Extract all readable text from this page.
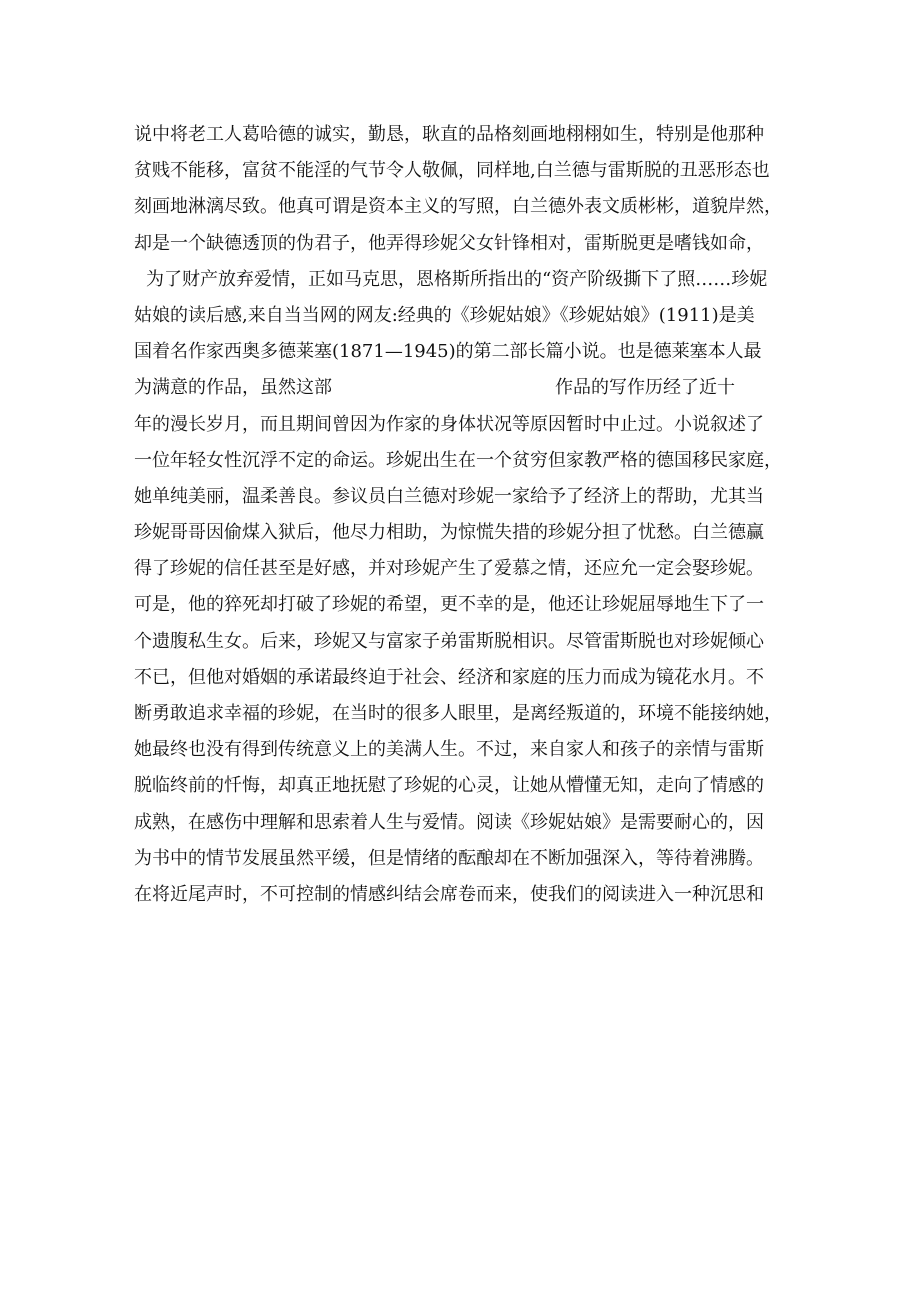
说中将老工人葛哈德的诚实，勤恳，耿直的品格刻画地栩栩如生，特别是他那种
贫贱不能移，富贫不能淫的气节令人敬佩，同样地,白兰德与雷斯脱的丑恶形态也
刻画地淋漓尽致。他真可谓是资本主义的写照，白兰德外表文质彬彬，道貌岸然，
却是一个缺德透顶的伪君子，他弄得珍妮父女针锋相对，雷斯脱更是嗜钱如命，
为了财产放弃爱情，正如马克思，恩格斯所指出的“资产阶级撕下了照……珍妮
姑娘的读后感,来自当当网的网友:经典的《珍妮姑娘》《珍妮姑娘》(1911)是美
国着名作家西奥多德莱塞(1871—1945)的第二部长篇小说。也是德莱塞本人最
为满意的作品，虽然这部	作品的写作历经了近十
年的漫长岁月，而且期间曾因为作家的身体状况等原因暂时中止过。小说叙述了
一位年轻女性沉浮不定的命运。珍妮出生在一个贫穷但家教严格的德国移民家庭，
她单纯美丽，温柔善良。参议员白兰德对珍妮一家给予了经济上的帮助，尤其当
珍妮哥哥因偷煤入狱后，他尽力相助，为惊慌失措的珍妮分担了忧愁。白兰德赢
得了珍妮的信任甚至是好感，并对珍妮产生了爱慕之情，还应允一定会娶珍妮。
可是，他的猝死却打破了珍妮的希望，更不幸的是，他还让珍妮屈辱地生下了一
个遗腹私生女。后来，珍妮又与富家子弟雷斯脱相识。尽管雷斯脱也对珍妮倾心
不已，但他对婚姻的承诺最终迫于社会、经济和家庭的压力而成为镜花水月。不
断勇敢追求幸福的珍妮，在当时的很多人眼里，是离经叛道的，环境不能接纳她，
她最终也没有得到传统意义上的美满人生。不过，来自家人和孩子的亲情与雷斯
脱临终前的忏悔，却真正地抚慰了珍妮的心灵，让她从懵懂无知，走向了情感的
成熟，在感伤中理解和思索着人生与爱情。阅读《珍妮姑娘》是需要耐心的，因
为书中的情节发展虽然平缓，但是情绪的酝酿却在不断加强深入，等待着沸腾。
在将近尾声时，不可控制的情感纠结会席卷而来，使我们的阅读进入一种沉思和
